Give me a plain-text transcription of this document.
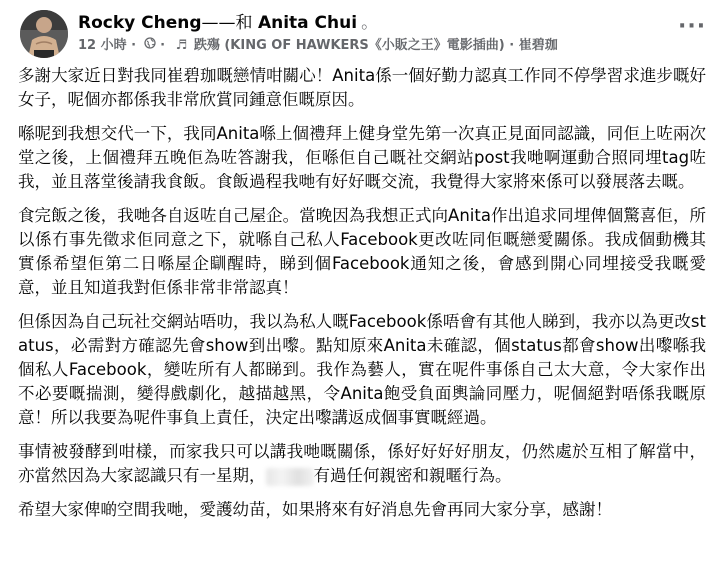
Rocky Cheng——和 Anita Chui 。
12 小時 · · ♬ 跌殤 (KING OF HAWKERS《小販之王》電影插曲) · 崔碧珈
···

多謝大家近日對我同崔碧珈嘅戀情咁關心！Anita係一個好勤力認真工作同不停學習求進步嘅好女子，呢個亦都係我非常欣賞同鍾意佢嘅原因。

喺呢到我想交代一下，我同Anita喺上個禮拜上健身堂先第一次真正見面同認識，同佢上咗兩次堂之後，上個禮拜五晚佢為咗答謝我，佢喺佢自己嘅社交網站post我哋啊運動合照同埋tag咗我，並且落堂後請我食飯。食飯過程我哋有好好嘅交流，我覺得大家將來係可以發展落去嘅。

食完飯之後，我哋各自返咗自己屋企。當晚因為我想正式向Anita作出追求同埋俾個驚喜佢，所以係冇事先徵求佢同意之下，就喺自己私人Facebook更改咗同佢嘅戀愛關係。我成個動機其實係希望佢第二日喺屋企瞓醒時，睇到個Facebook通知之後，會感到開心同埋接受我嘅愛意，並且知道我對佢係非常非常認真！

但係因為自己玩社交網站唔叻，我以為私人嘅Facebook係唔會有其他人睇到，我亦以為更改status，必需對方確認先會show到出嚟。點知原來Anita未確認，個status都會show出嚟喺我個私人Facebook，變咗所有人都睇到。我作為藝人，實在呢件事係自己太大意，令大家作出不必要嘅揣測，變得戲劇化，越描越黑，令Anita飽受負面輿論同壓力，呢個絕對唔係我嘅原意！所以我要為呢件事負上責任，決定出嚟講返成個事實嘅經過。

事情被發酵到咁樣，而家我只可以講我哋嘅關係，係好好好好朋友，仍然處於互相了解當中，亦當然因為大家認識只有一星期，	有過任何親密和親暱行為。

希望大家俾啲空間我哋，愛護幼苗，如果將來有好消息先會再同大家分享，感謝！
